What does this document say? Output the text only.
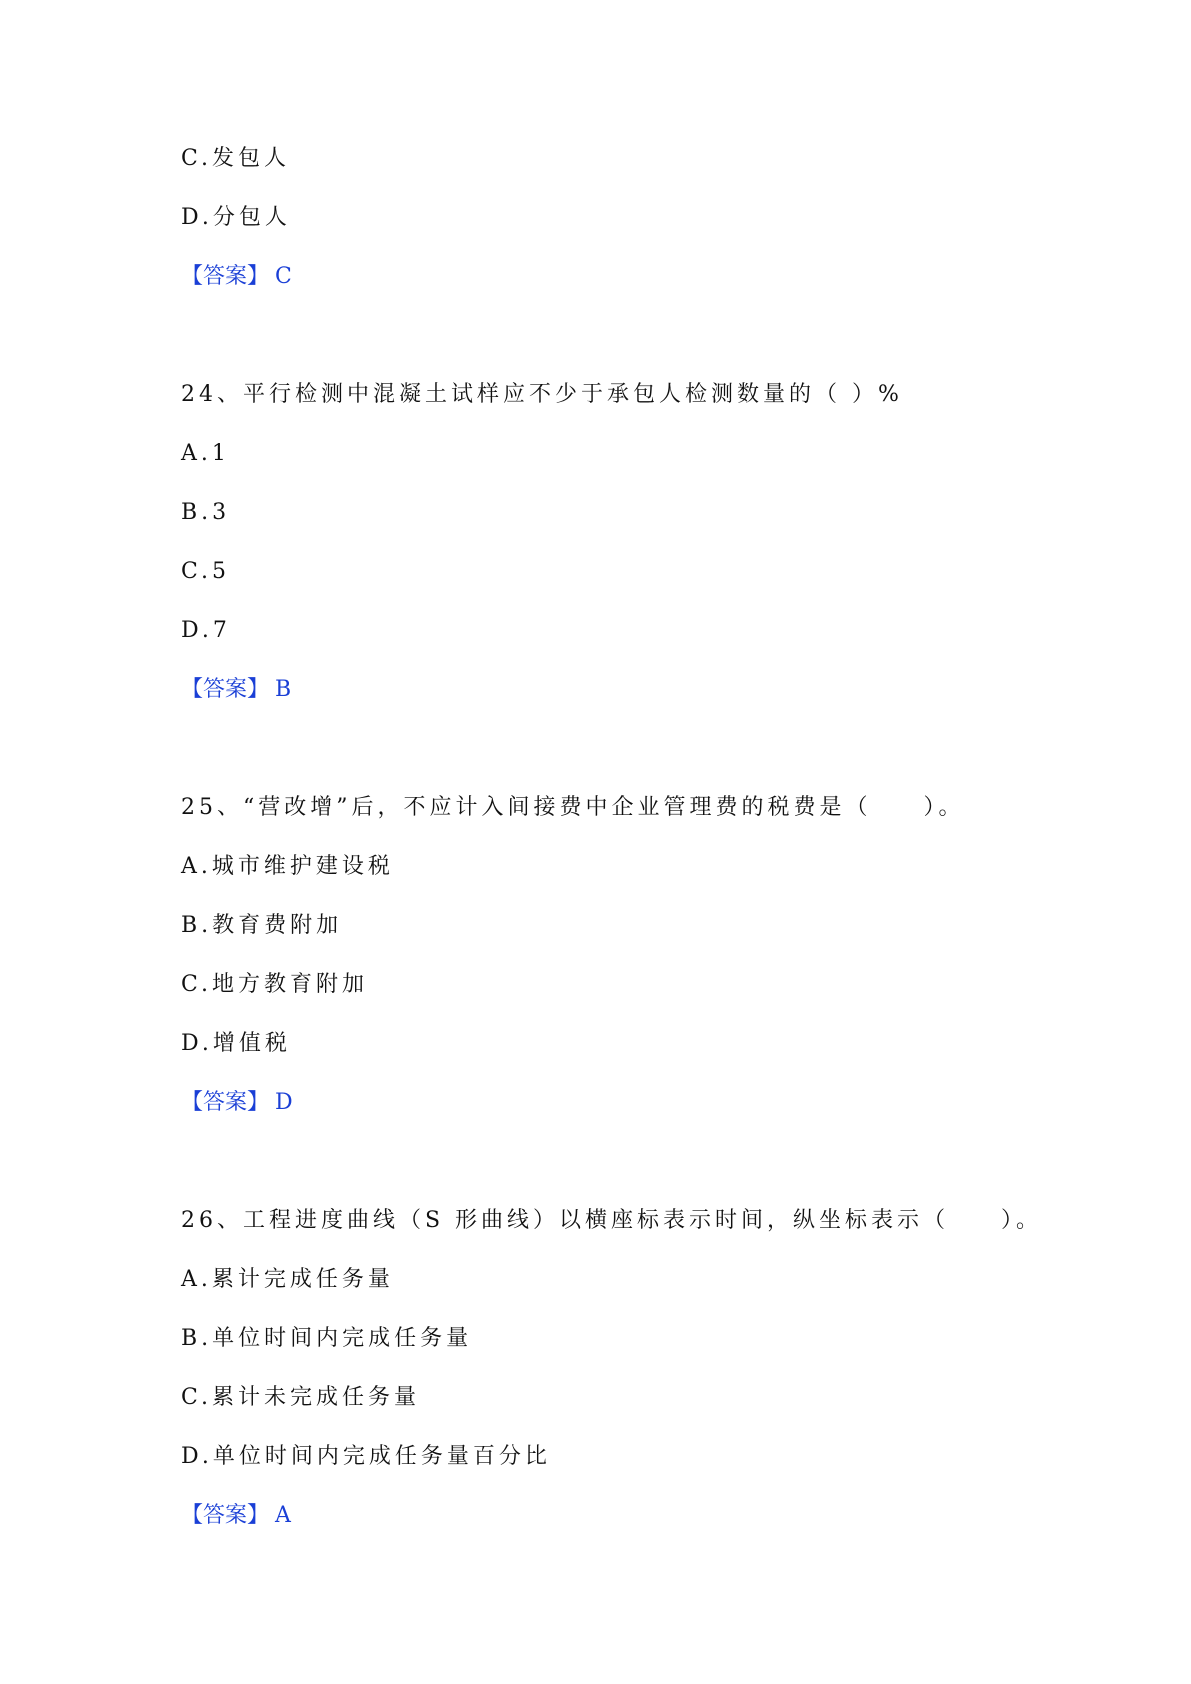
C.发包人
D.分包人
【答案】 C
24、平行检测中混凝土试样应不少于承包人检测数量的（ ）%
A.1
B.3
C.5
D.7
【答案】 B
25、“营改增”后，不应计入间接费中企业管理费的税费是（　　）。
A.城市维护建设税
B.教育费附加
C.地方教育附加
D.增值税
【答案】 D
26、工程进度曲线（S 形曲线）以横座标表示时间，纵坐标表示（　　）。
A.累计完成任务量
B.单位时间内完成任务量
C.累计未完成任务量
D.单位时间内完成任务量百分比
【答案】 A
